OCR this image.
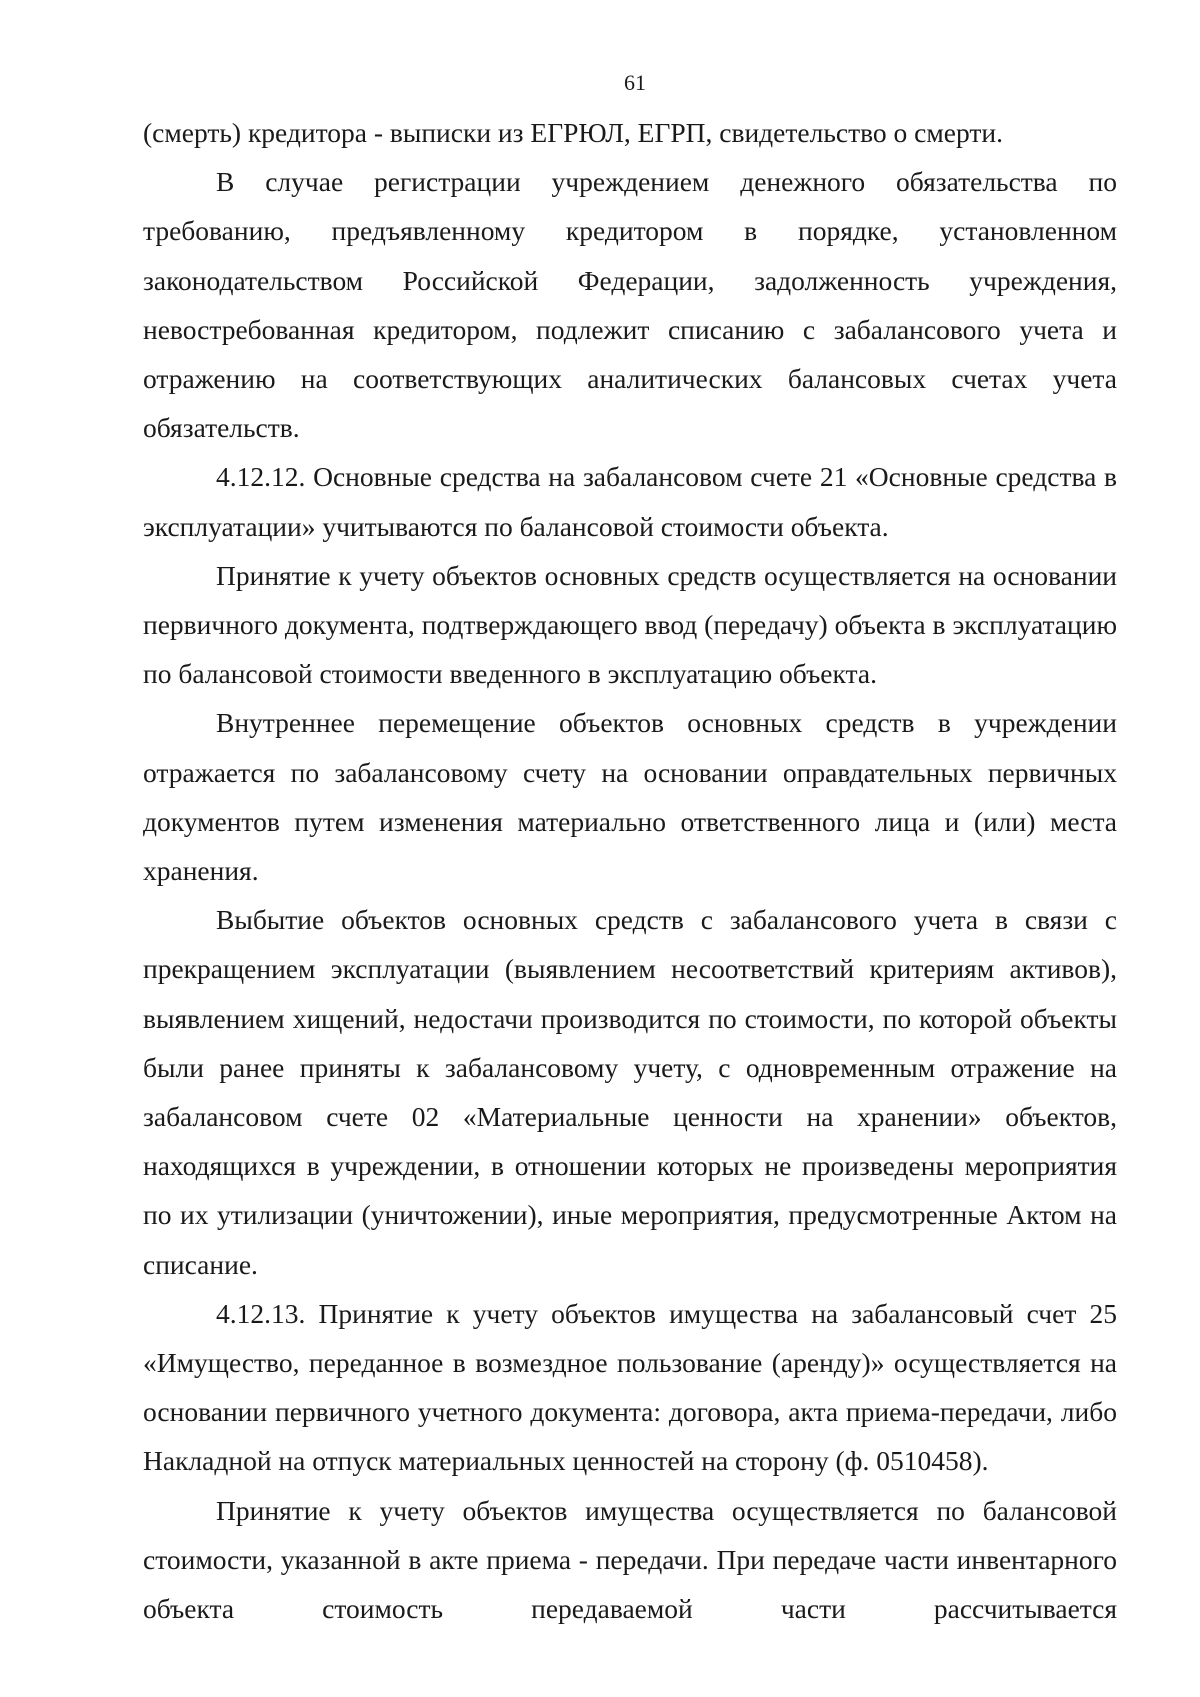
61

(смерть) кредитора - выписки из ЕГРЮЛ, ЕГРП, свидетельство о смерти.

В случае регистрации учреждением денежного обязательства по требованию, предъявленному кредитором в порядке, установленном законодательством Российской Федерации, задолженность учреждения, невостребованная кредитором, подлежит списанию с забалансового учета и отражению на соответствующих аналитических балансовых счетах учета обязательств.

4.12.12. Основные средства на забалансовом счете 21 «Основные средства в эксплуатации» учитываются по балансовой стоимости объекта.

Принятие к учету объектов основных средств осуществляется на основании первичного документа, подтверждающего ввод (передачу) объекта в эксплуатацию по балансовой стоимости введенного в эксплуатацию объекта.

Внутреннее перемещение объектов основных средств в учреждении отражается по забалансовому счету на основании оправдательных первичных документов путем изменения материально ответственного лица и (или) места хранения.

Выбытие объектов основных средств с забалансового учета в связи с прекращением эксплуатации (выявлением несоответствий критериям активов), выявлением хищений, недостачи производится по стоимости, по которой объекты были ранее приняты к забалансовому учету, с одновременным отражение на забалансовом счете 02 «Материальные ценности на хранении» объектов, находящихся в учреждении, в отношении которых не произведены мероприятия по их утилизации (уничтожении), иные мероприятия, предусмотренные Актом на списание.

4.12.13. Принятие к учету объектов имущества на забалансовый счет 25 «Имущество, переданное в возмездное пользование (аренду)» осуществляется на основании первичного учетного документа: договора, акта приема-передачи, либо Накладной на отпуск материальных ценностей на сторону (ф. 0510458).

Принятие к учету объектов имущества осуществляется по балансовой стоимости, указанной в акте приема - передачи. При передаче части инвентарного объекта стоимость передаваемой части рассчитывается
